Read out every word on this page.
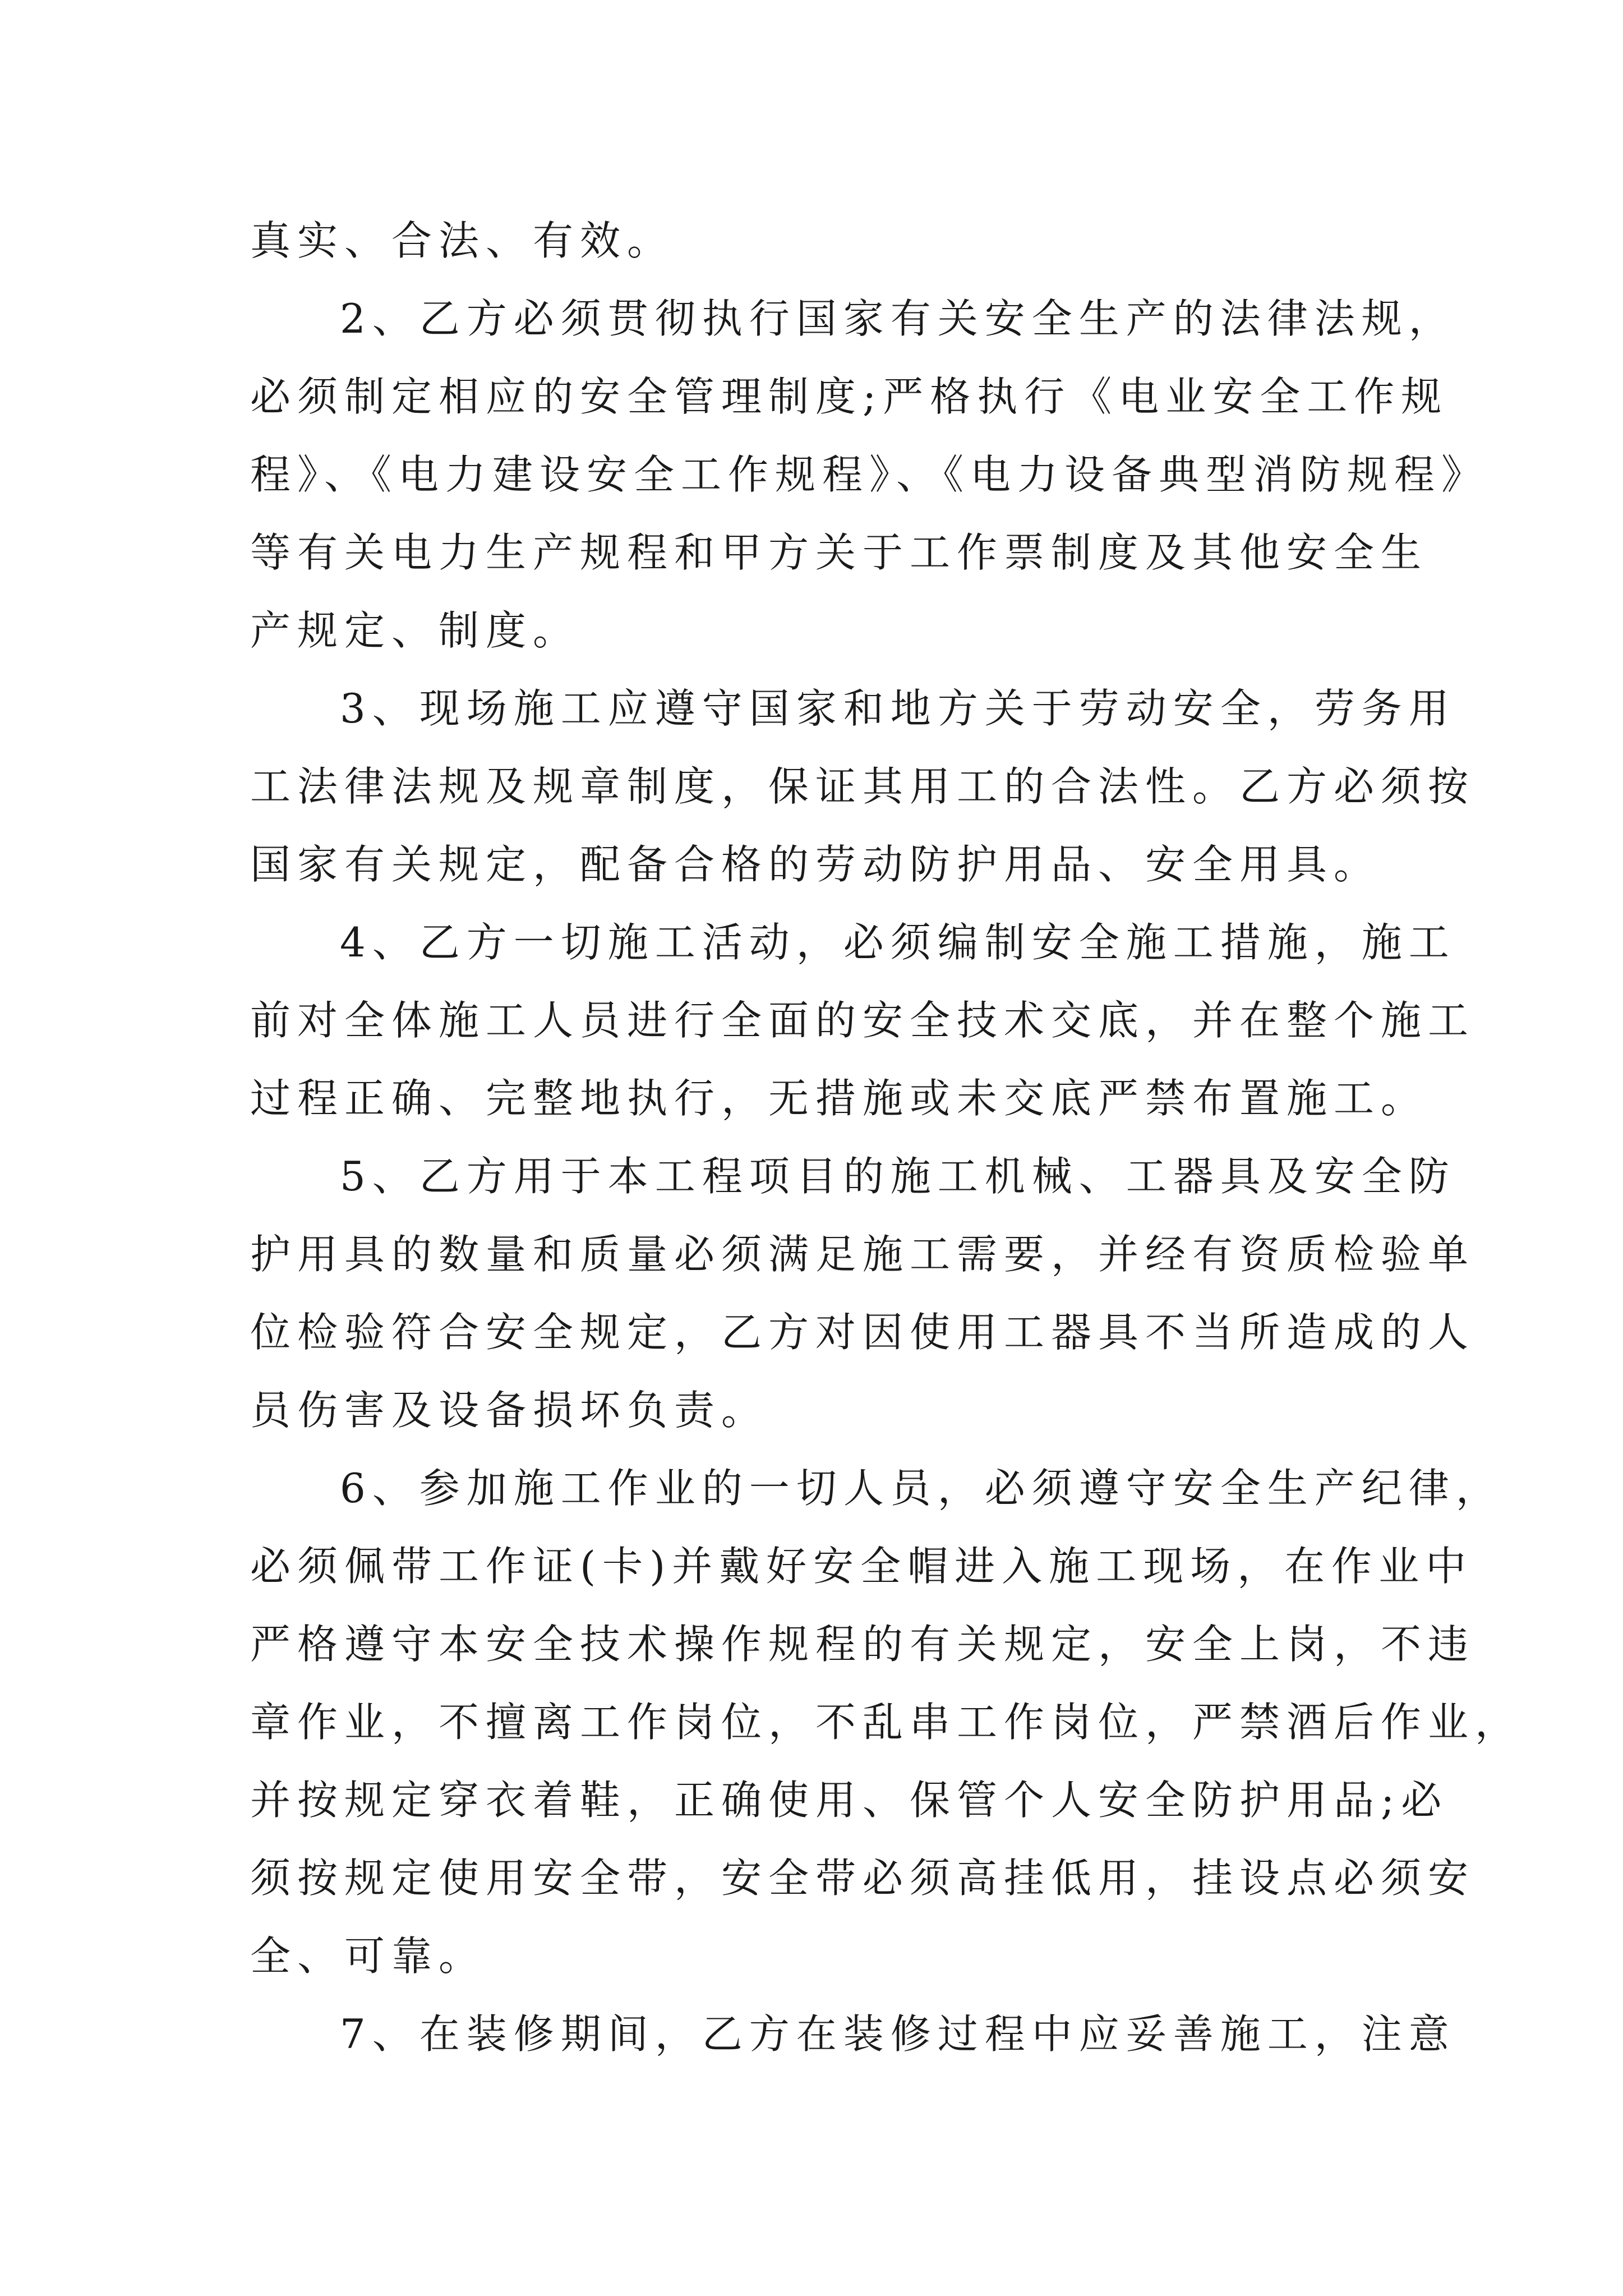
真实、合法、有效。
2、乙方必须贯彻执行国家有关安全生产的法律法规，
必须制定相应的安全管理制度;严格执行《电业安全工作规
程》、《电力建设安全工作规程》、《电力设备典型消防规程》
等有关电力生产规程和甲方关于工作票制度及其他安全生
产规定、制度。
3、现场施工应遵守国家和地方关于劳动安全，劳务用
工法律法规及规章制度，保证其用工的合法性。乙方必须按
国家有关规定，配备合格的劳动防护用品、安全用具。
4、乙方一切施工活动，必须编制安全施工措施，施工
前对全体施工人员进行全面的安全技术交底，并在整个施工
过程正确、完整地执行，无措施或未交底严禁布置施工。
5、乙方用于本工程项目的施工机械、工器具及安全防
护用具的数量和质量必须满足施工需要，并经有资质检验单
位检验符合安全规定，乙方对因使用工器具不当所造成的人
员伤害及设备损坏负责。
6、参加施工作业的一切人员，必须遵守安全生产纪律，
必须佩带工作证(卡)并戴好安全帽进入施工现场，在作业中
严格遵守本安全技术操作规程的有关规定，安全上岗，不违
章作业，不擅离工作岗位，不乱串工作岗位，严禁酒后作业，
并按规定穿衣着鞋，正确使用、保管个人安全防护用品;必
须按规定使用安全带，安全带必须高挂低用，挂设点必须安
全、可靠。
7、在装修期间，乙方在装修过程中应妥善施工，注意
